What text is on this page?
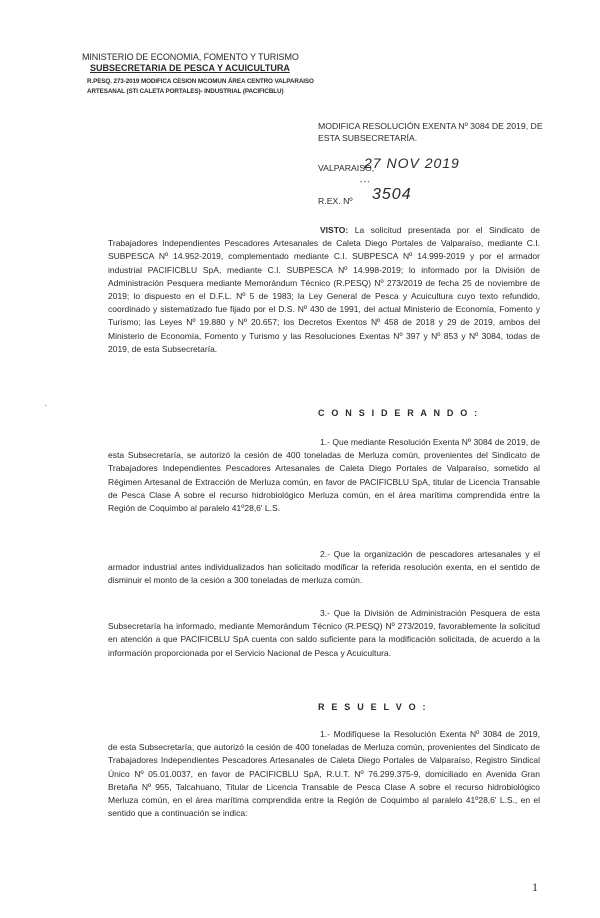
MINISTERIO DE ECONOMIA, FOMENTO Y TURISMO
SUBSECRETARIA DE PESCA Y ACUICULTURA
R.PESQ. 273-2019 MODIFICA CESION MCOMUN ÁREA CENTRO VALPARAISO
ARTESANAL (STI CALETA PORTALES)- INDUSTRIAL (PACIFICBLU)
MODIFICA RESOLUCIÓN EXENTA Nº 3084 DE 2019, DE ESTA SUBSECRETARÍA.
VALPARAISO,
27 NOV 2019
• • •
R.EX. Nº 3504
·
VISTO: La solicitud presentada por el Sindicato de Trabajadores Independientes Pescadores Artesanales de Caleta Diego Portales de Valparaíso, mediante C.I. SUBPESCA Nº 14.952-2019, complementado mediante C.I. SUBPESCA Nº 14.999-2019 y por el armador industrial PACIFICBLU SpA, mediante C.I. SUBPESCA Nº 14.998-2019; lo informado por la División de Administración Pesquera mediante Memorándum Técnico (R.PESQ) Nº 273/2019 de fecha 25 de noviembre de 2019; lo dispuesto en el D.F.L. Nº 5 de 1983; la Ley General de Pesca y Acuicultura cuyo texto refundido, coordinado y sistematizado fue fijado por el D.S. Nº 430 de 1991, del actual Ministerio de Economía, Fomento y Turismo; las Leyes Nº 19.880 y Nº 20.657; los Decretos Exentos Nº 458 de 2018 y 29 de 2019, ambos del Ministerio de Economía, Fomento y Turismo y las Resoluciones Exentas Nº 397 y Nº 853 y Nº 3084, todas de 2019, de esta Subsecretaría.
C O N S I D E R A N D O :
1.- Que mediante Resolución Exenta Nº 3084 de 2019, de esta Subsecretaría, se autorizó la cesión de 400 toneladas de Merluza común, provenientes del Sindicato de Trabajadores Independientes Pescadores Artesanales de Caleta Diego Portales de Valparaíso, sometido al Régimen Artesanal de Extracción de Merluza común, en favor de PACIFICBLU SpA, titular de Licencia Transable de Pesca Clase A sobre el recurso hidrobiológico Merluza común, en el área marítima comprendida entre la Región de Coquimbo al paralelo 41º28,6' L.S.
2.- Que la organización de pescadores artesanales y el armador industrial antes individualizados han solicitado modificar la referida resolución exenta, en el sentido de disminuir el monto de la cesión a 300 toneladas de merluza común.
3.- Que la División de Administración Pesquera de esta Subsecretaría ha informado, mediante Memorándum Técnico (R.PESQ) Nº 273/2019, favorablemente la solicitud en atención a que PACIFICBLU SpA cuenta con saldo suficiente para la modificación solicitada, de acuerdo a la información proporcionada por el Servicio Nacional de Pesca y Acuicultura.
R E S U E L V O :
1.- Modifíquese la Resolución Exenta Nº 3084 de 2019, de esta Subsecretaría, que autorizó la cesión de 400 toneladas de Merluza común, provenientes del Sindicato de Trabajadores Independientes Pescadores Artesanales de Caleta Diego Portales de Valparaíso, Registro Sindical Único Nº 05.01.0037, en favor de PACIFICBLU SpA, R.U.T. Nº 76.299.375-9, domiciliado en Avenida Gran Bretaña Nº 955, Talcahuano, Titular de Licencia Transable de Pesca Clase A sobre el recurso hidrobiológico Merluza común, en el área marítima comprendida entre la Región de Coquimbo al paralelo 41º28,6' L.S., en el sentido que a continuación se indica:
1
